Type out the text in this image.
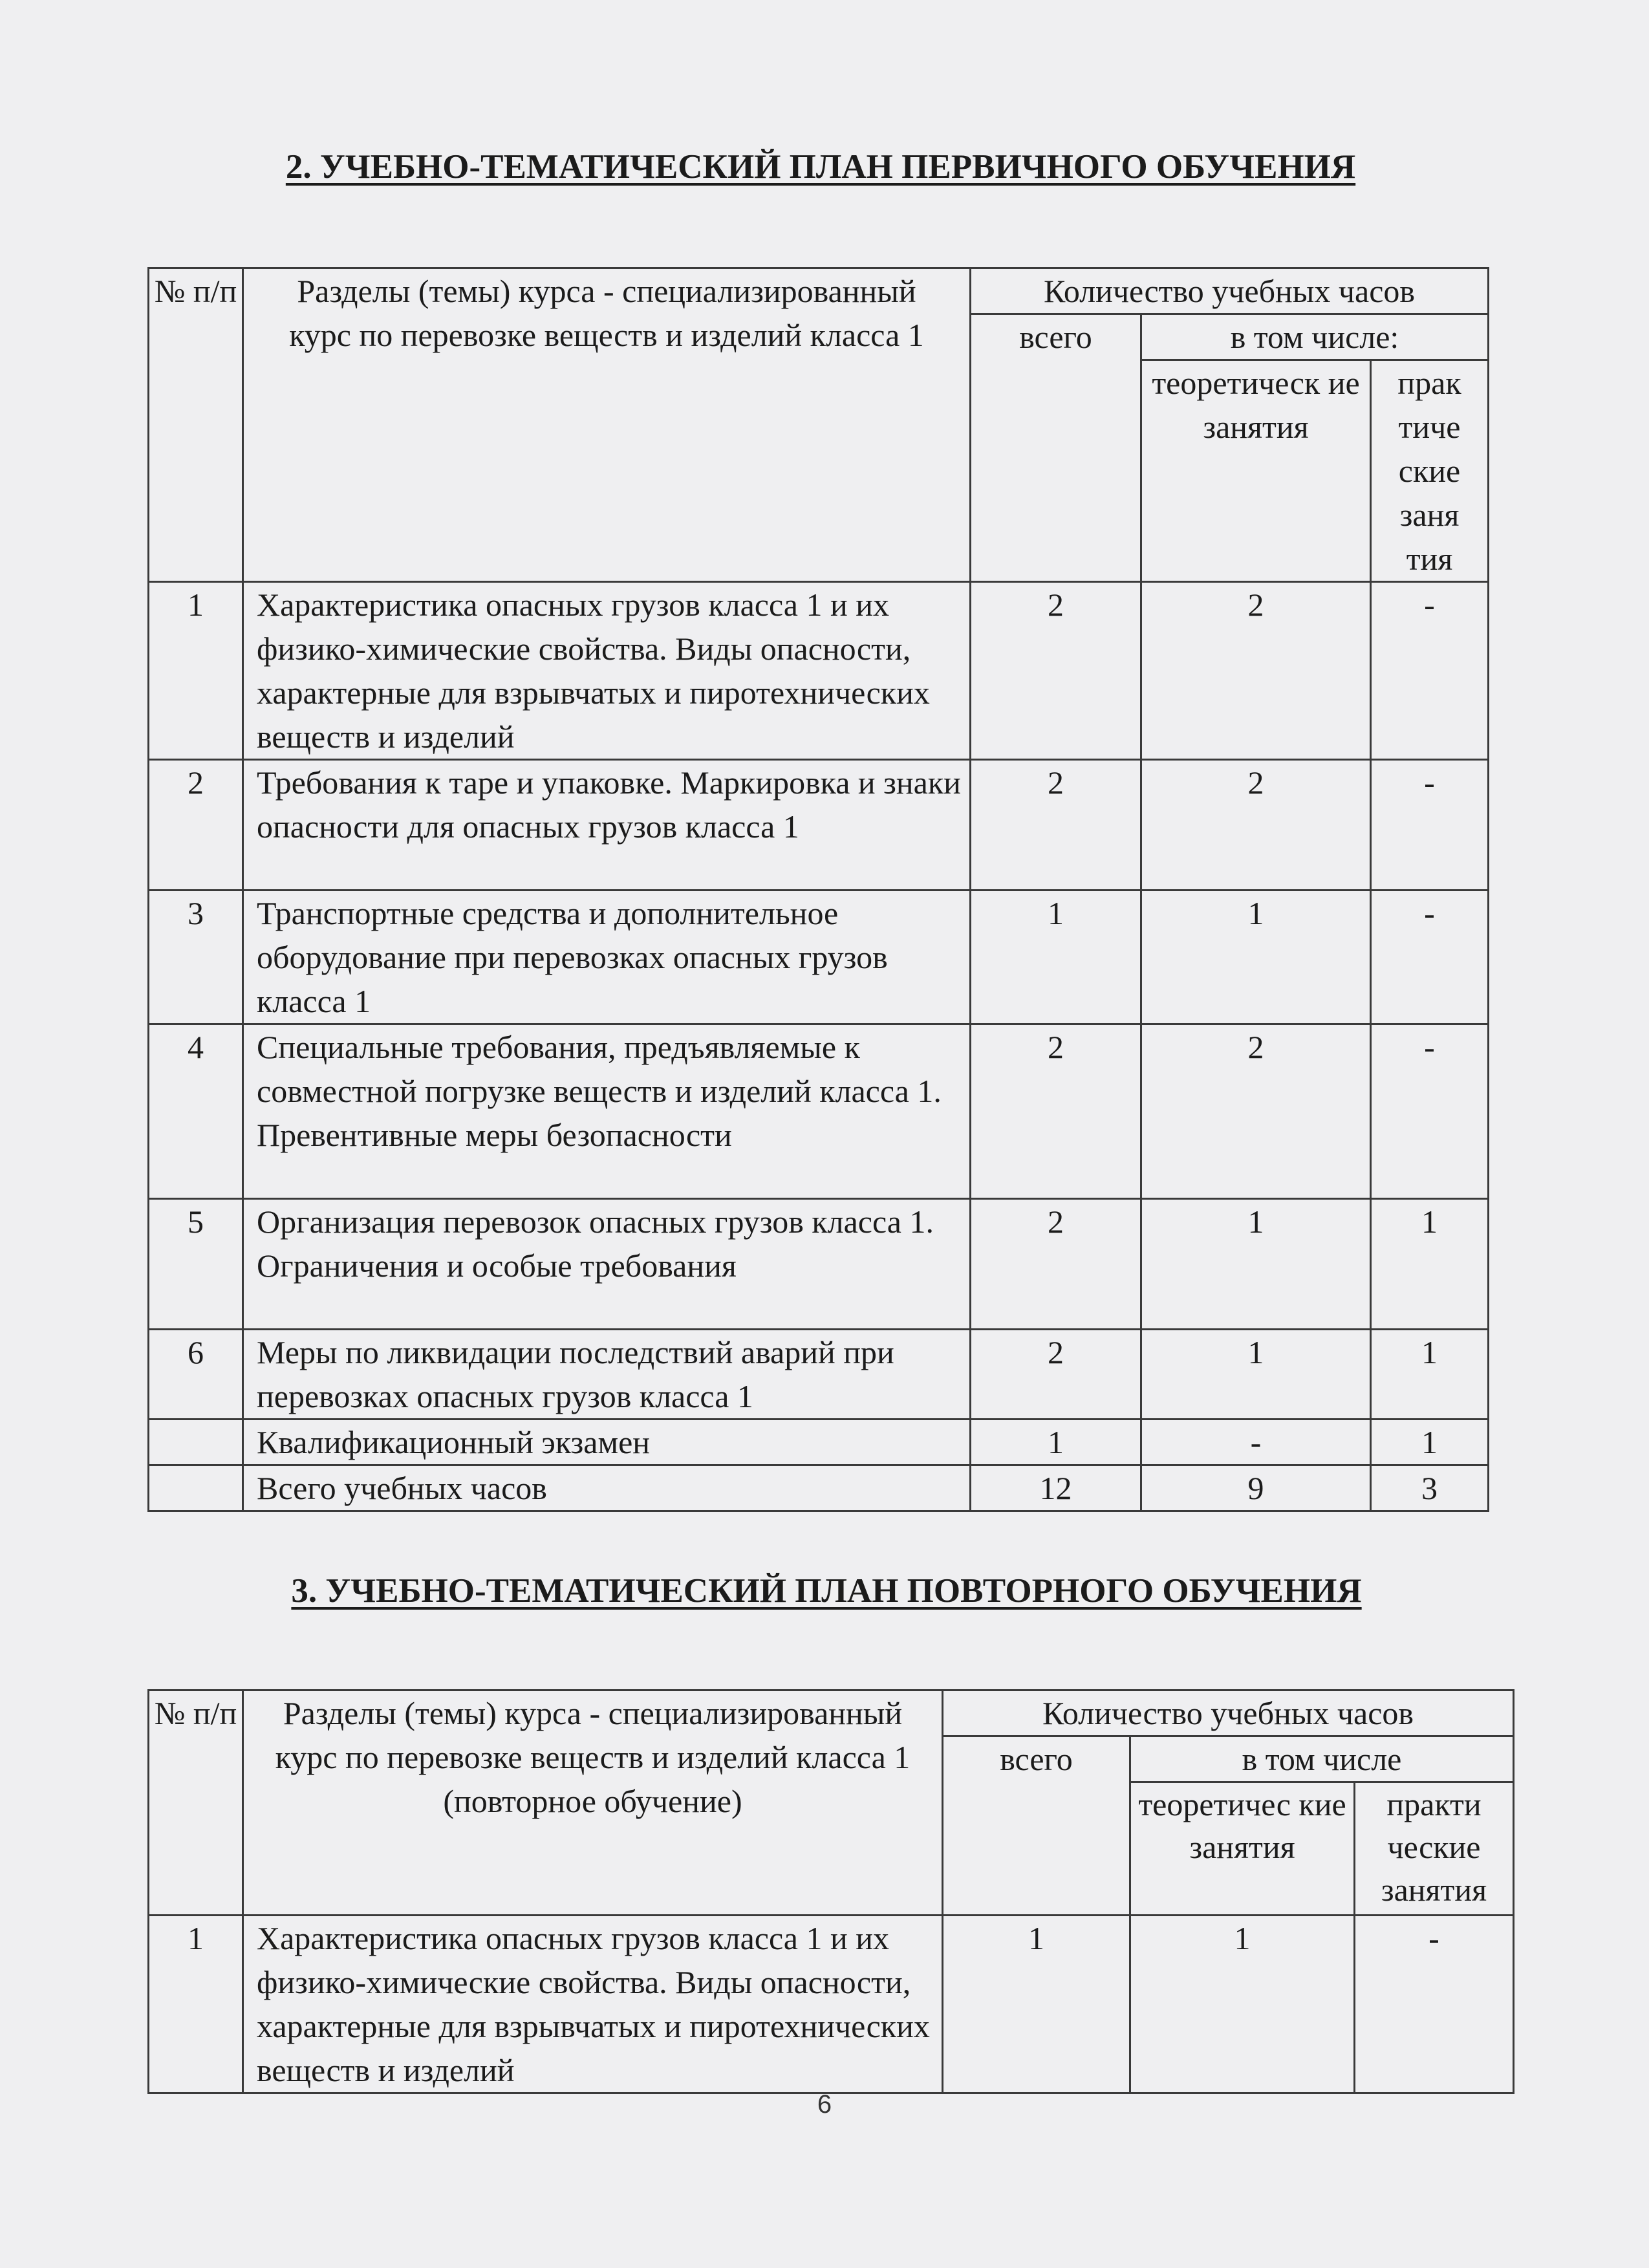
2. УЧЕБНО-ТЕМАТИЧЕСКИЙ ПЛАН ПЕРВИЧНОГО ОБУЧЕНИЯ
№ п/п	Разделы (темы) курса - специализированный курс по перевозке веществ и изделий класса 1	Количество учебных часов		
		всего	в том числе:	
			теоретическ ие занятия	прак тиче ские заня тия
1	Характеристика опасных грузов класса 1 и их физико-химические свойства. Виды опасности, характерные для взрывчатых и пиротехнических веществ и изделий	2	2	-
2	Требования к таре и упаковке. Маркировка и знаки опасности для опасных грузов класса 1	2	2	-
3	Транспортные средства и дополнительное оборудование при перевозках опасных грузов класса 1	1	1	-
4	Специальные требования, предъявляемые к совместной погрузке веществ и изделий класса 1. Превентивные меры безопасности	2	2	-
5	Организация перевозок опасных грузов класса 1. Ограничения и особые требования	2	1	1
6	Меры по ликвидации последствий аварий при перевозках опасных грузов класса 1	2	1	1
	Квалификационный экзамен	1	-	1
	Всего учебных часов	12	9	3
3. УЧЕБНО-ТЕМАТИЧЕСКИЙ ПЛАН ПОВТОРНОГО ОБУЧЕНИЯ
№ п/п	Разделы (темы) курса - специализированный курс по перевозке веществ и изделий класса 1 (повторное обучение)	Количество учебных часов		
		всего	в том числе	
			теоретичес кие занятия	практи ческие занятия
1	Характеристика опасных грузов класса 1 и их физико-химические свойства. Виды опасности, характерные для взрывчатых и пиротехнических веществ и изделий	1	1	-
6
